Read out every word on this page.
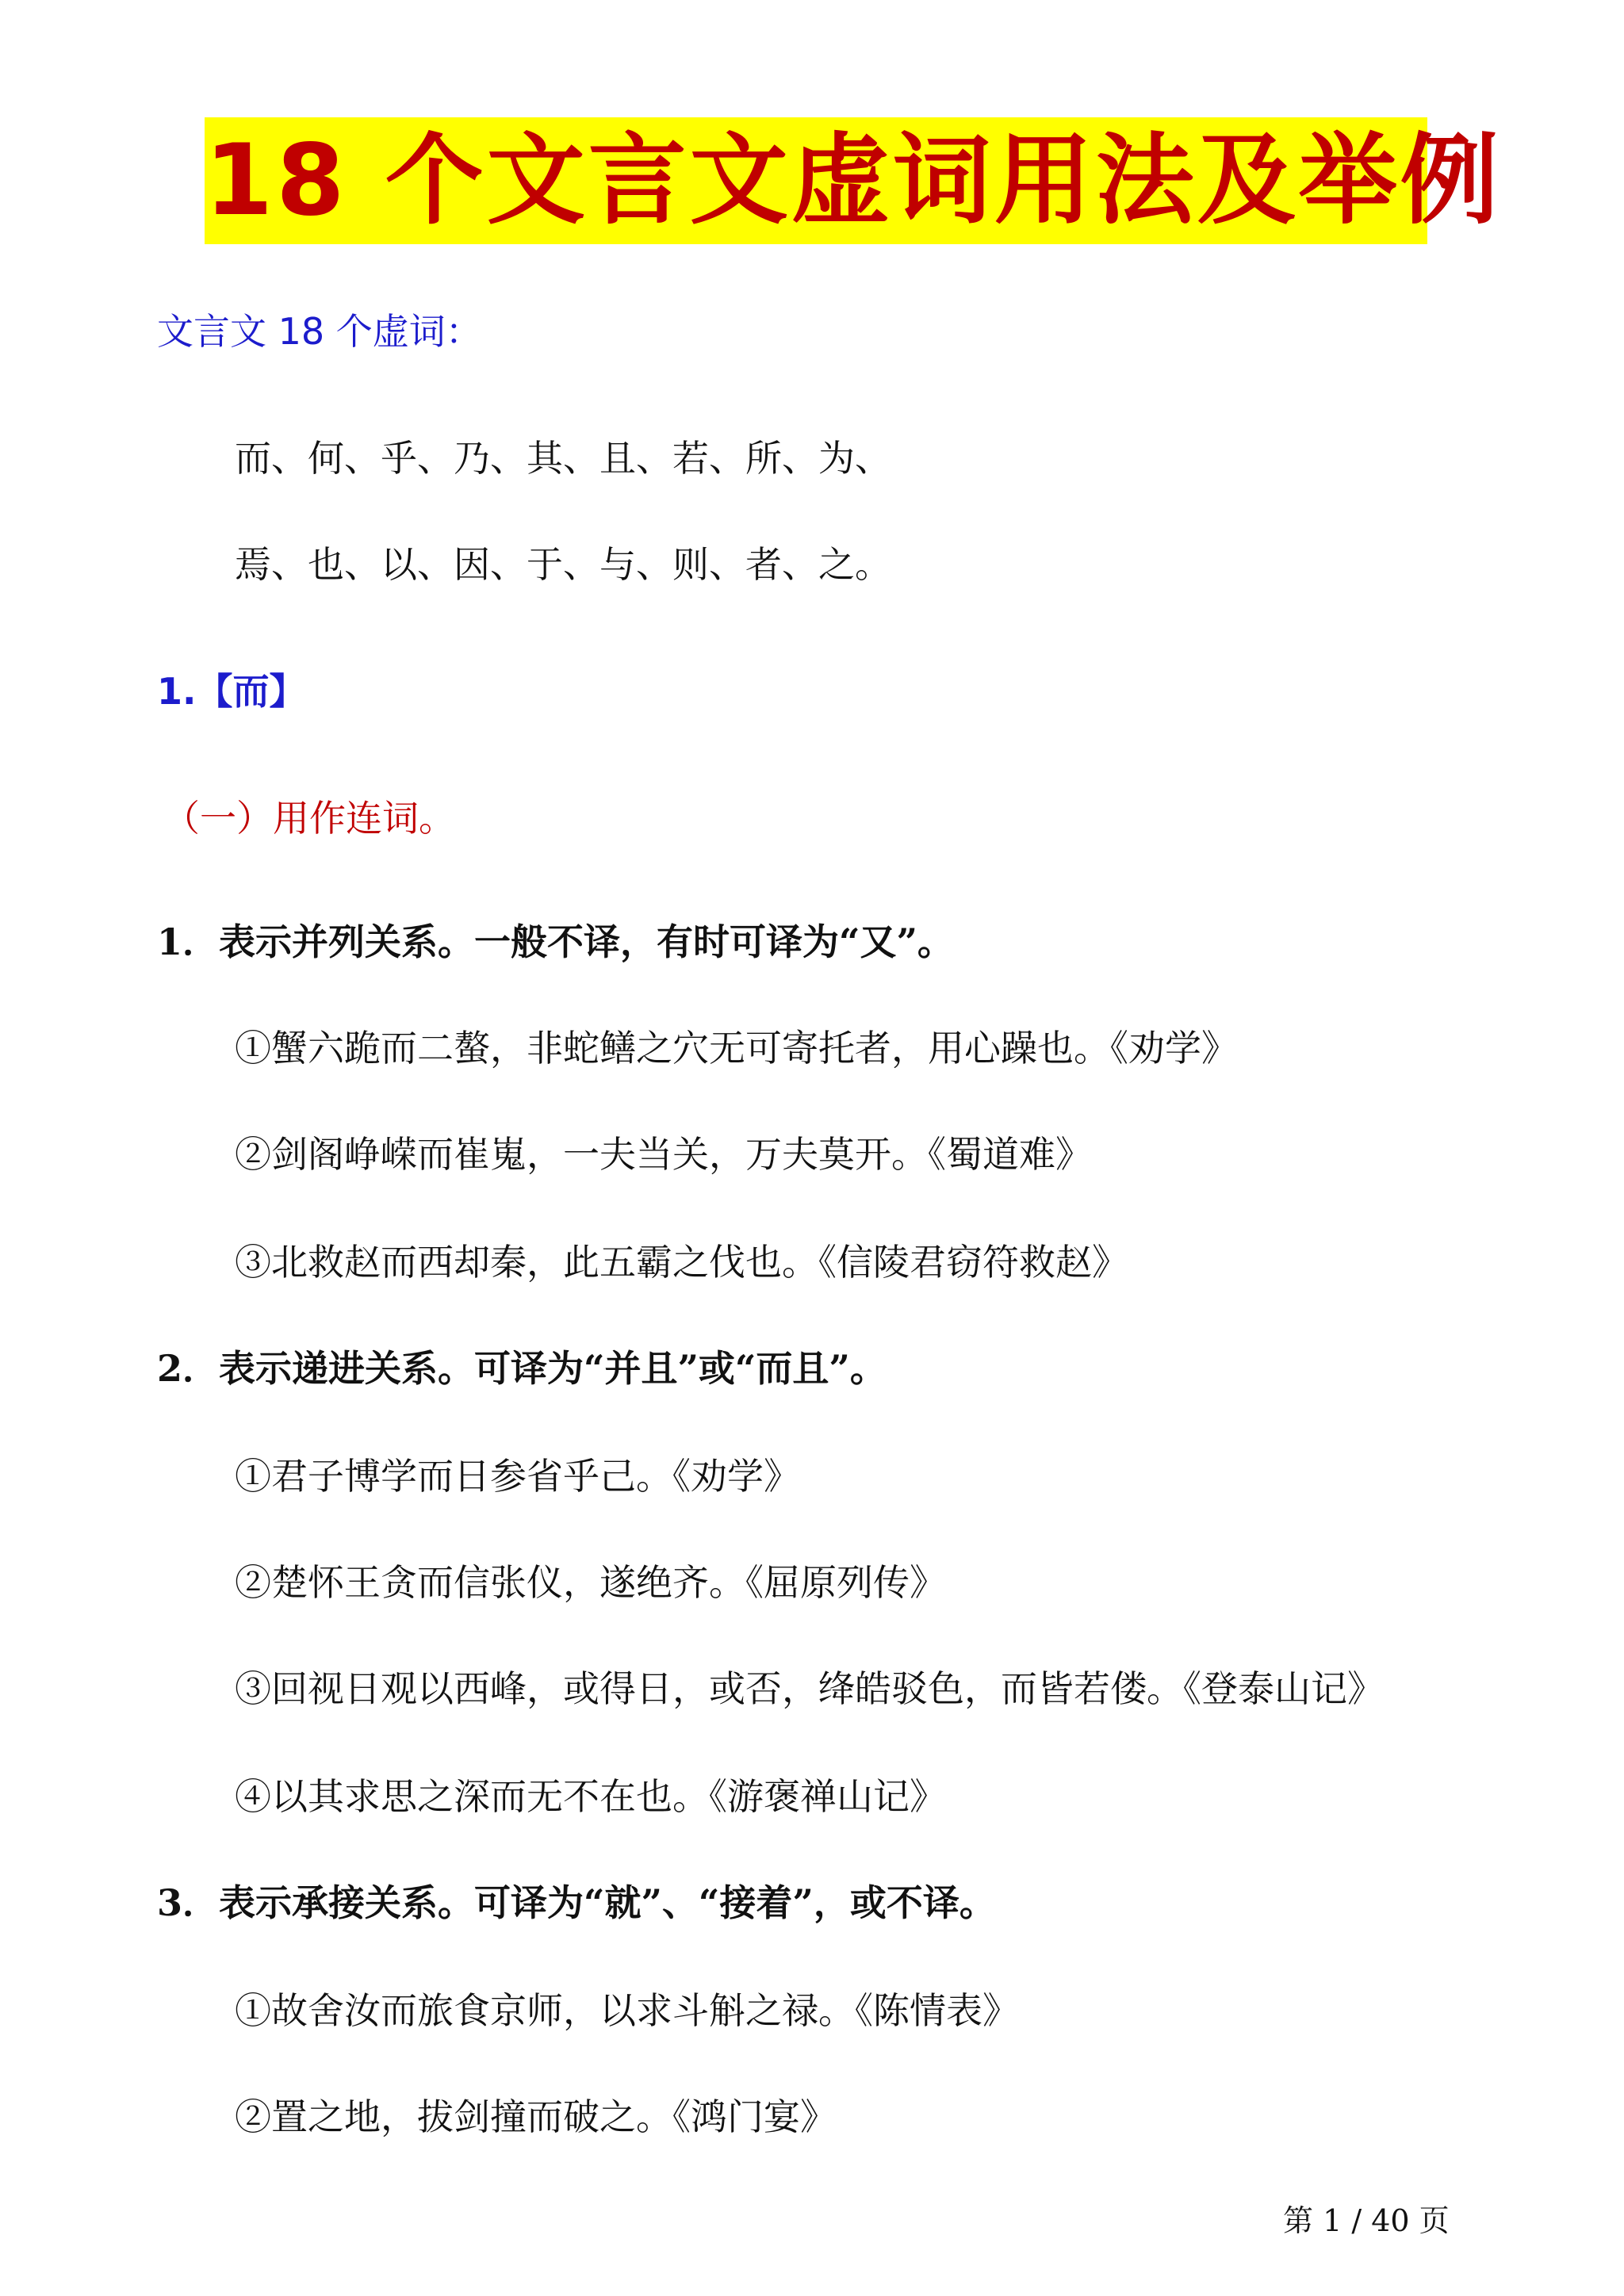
18 个文言文虚词用法及举例
文言文 18 个虚词：
而、何、乎、乃、其、且、若、所、为、
焉、也、以、因、于、与、则、者、之。
1.【而】
（一）用作连词。
1．表示并列关系。一般不译，有时可译为“又”。
①蟹六跪而二螯，非蛇鳝之穴无可寄托者，用心躁也。《劝学》
②剑阁峥嵘而崔嵬，一夫当关，万夫莫开。《蜀道难》
③北救赵而西却秦，此五霸之伐也。《信陵君窃符救赵》
2．表示递进关系。可译为“并且”或“而且”。
①君子博学而日参省乎己。《劝学》
②楚怀王贪而信张仪，遂绝齐。《屈原列传》
③回视日观以西峰，或得日，或否，绛皓驳色，而皆若偻。《登泰山记》
④以其求思之深而无不在也。《游褒禅山记》
3．表示承接关系。可译为“就”、“接着”，或不译。
①故舍汝而旅食京师，以求斗斛之禄。《陈情表》
②置之地，拔剑撞而破之。《鸿门宴》
第 1 / 40 页
